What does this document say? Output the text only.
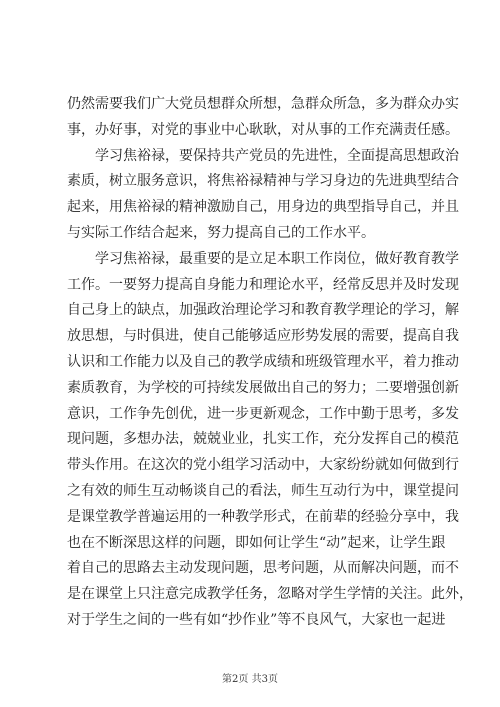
仍然需要我们广大党员想群众所想，急群众所急，多为群众办实
事，办好事，对党的事业中心耿耿，对从事的工作充满责任感。
　　学习焦裕禄，要保持共产党员的先进性，全面提高思想政治
素质，树立服务意识，将焦裕禄精神与学习身边的先进典型结合
起来，用焦裕禄的精神激励自己，用身边的典型指导自己，并且
与实际工作结合起来，努力提高自己的工作水平。
　　学习焦裕禄，最重要的是立足本职工作岗位，做好教育教学
工作。一要努力提高自身能力和理论水平，经常反思并及时发现
自己身上的缺点，加强政治理论学习和教育教学理论的学习，解
放思想，与时俱进，使自己能够适应形势发展的需要，提高自我
认识和工作能力以及自己的教学成绩和班级管理水平，着力推动
素质教育，为学校的可持续发展做出自己的努力；二要增强创新
意识，工作争先创优，进一步更新观念，工作中勤于思考，多发
现问题，多想办法，兢兢业业，扎实工作，充分发挥自己的模范
带头作用。在这次的党小组学习活动中，大家纷纷就如何做到行
之有效的师生互动畅谈自己的看法，师生互动行为中，课堂提问
是课堂教学普遍运用的一种教学形式，在前辈的经验分享中，我
也在不断深思这样的问题，即如何让学生“动”起来，让学生跟
着自己的思路去主动发现问题，思考问题，从而解决问题，而不
是在课堂上只注意完成教学任务，忽略对学生学情的关注。此外，
对于学生之间的一些有如“抄作业”等不良风气，大家也一起进
第2页 共3页
